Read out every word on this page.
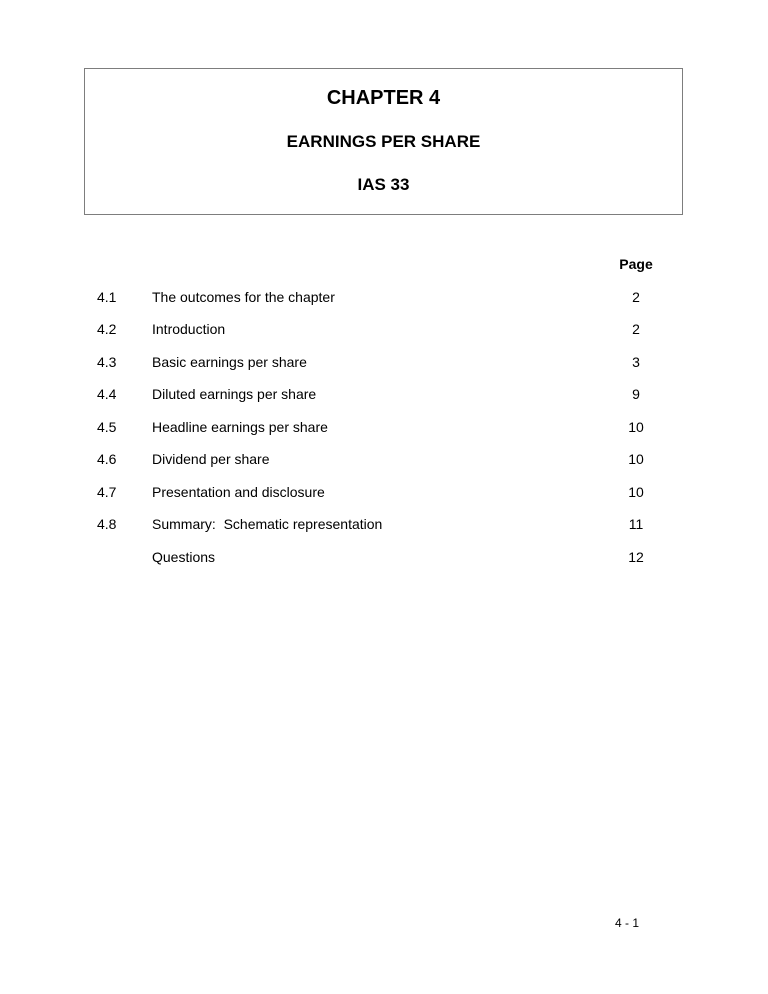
CHAPTER 4
EARNINGS PER SHARE
IAS 33
Page
4.1	The outcomes for the chapter	2
4.2	Introduction	2
4.3	Basic earnings per share	3
4.4	Diluted earnings per share	9
4.5	Headline earnings per share	10
4.6	Dividend per share	10
4.7	Presentation and disclosure	10
4.8	Summary:  Schematic representation	11
Questions	12
4 - 1
